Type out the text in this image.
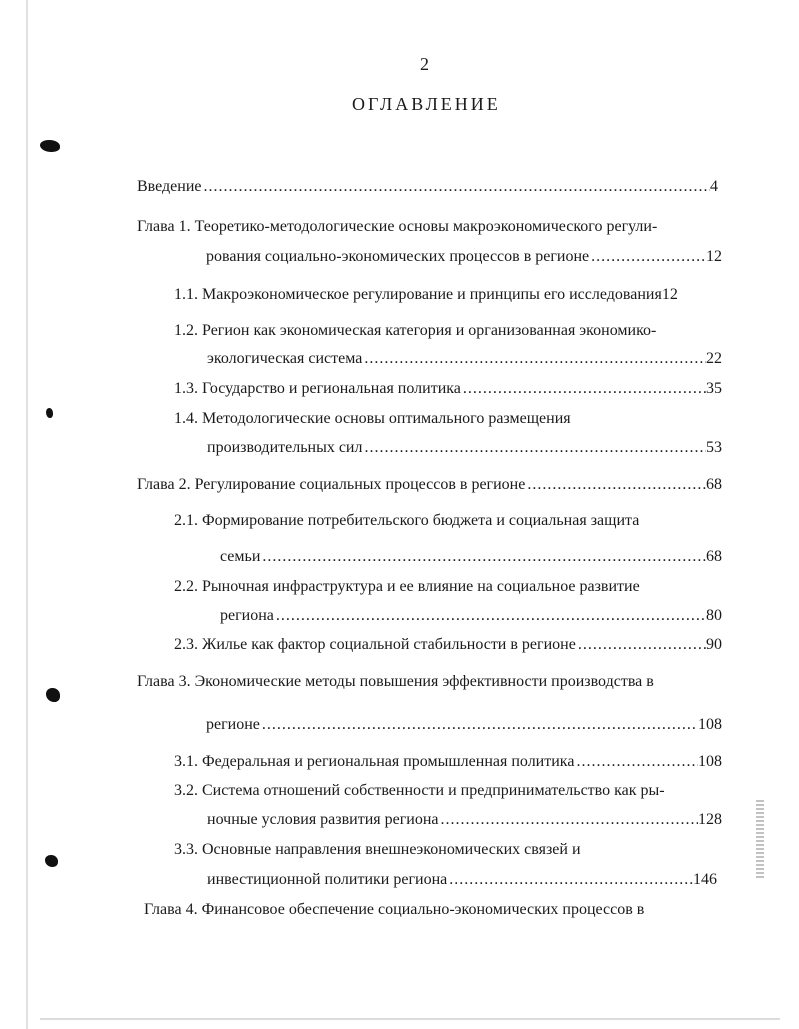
2
ОГЛАВЛЕНИЕ
Введение .....	4
Глава 1. Теоретико-методологические основы макроэкономического регули-
рования социально-экономических процессов в регионе .....	12
1.1. Макроэкономическое регулирование и принципы его исследования 12
1.2. Регион как экономическая категория и организованная экономико-
экологическая система .....	22
1.3. Государство и региональная политика .....	35
1.4. Методологические основы оптимального размещения
производительных сил .....	53
Глава 2. Регулирование социальных процессов в регионе .....	68
2.1. Формирование потребительского бюджета и социальная защита
семьи .....	68
2.2. Рыночная инфраструктура и ее влияние на социальное развитие
региона .....	80
2.3. Жилье как фактор социальной стабильности в регионе .....	90
Глава 3. Экономические методы повышения эффективности производства в
регионе .....	108
3.1. Федеральная и региональная промышленная политика .....	108
3.2. Система отношений собственности и предпринимательство как ры-
ночные условия развития региона .....	128
3.3. Основные направления внешнеэкономических связей и
инвестиционной политики региона .....	146
Глава 4. Финансовое обеспечение социально-экономических процессов в
